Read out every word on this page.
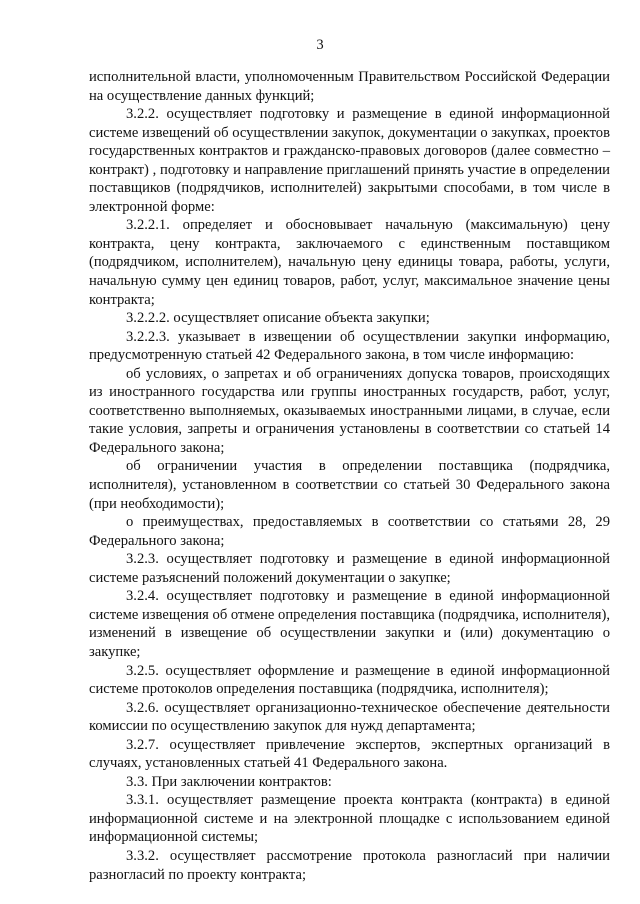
3

исполнительной власти, уполномоченным Правительством Российской Федерации на осуществление данных функций;

3.2.2. осуществляет подготовку и размещение в единой информационной системе извещений об осуществлении закупок, документации о закупках, проектов государственных контрактов и гражданско-правовых договоров (далее совместно – контракт) , подготовку и направление приглашений принять участие в определении поставщиков (подрядчиков, исполнителей) закрытыми способами, в том числе в электронной форме:

3.2.2.1. определяет и обосновывает начальную (максимальную) цену контракта, цену контракта, заключаемого с единственным поставщиком (подрядчиком, исполнителем), начальную цену единицы товара, работы, услуги, начальную сумму цен единиц товаров, работ, услуг, максимальное значение цены контракта;

3.2.2.2. осуществляет описание объекта закупки;

3.2.2.3. указывает в извещении об осуществлении закупки информацию, предусмотренную статьей 42 Федерального закона, в том числе информацию:

об условиях, о запретах и об ограничениях допуска товаров, происходящих из иностранного государства или группы иностранных государств, работ, услуг, соответственно выполняемых, оказываемых иностранными лицами, в случае, если такие условия, запреты и ограничения установлены в соответствии со статьей 14 Федерального закона;

об ограничении участия в определении поставщика (подрядчика, исполнителя), установленном в соответствии со статьей 30 Федерального закона (при необходимости);

о преимуществах, предоставляемых в соответствии со статьями 28, 29 Федерального закона;

3.2.3. осуществляет подготовку и размещение в единой информационной системе разъяснений положений документации о закупке;

3.2.4. осуществляет подготовку и размещение в единой информационной системе извещения об отмене определения поставщика (подрядчика, исполнителя), изменений в извещение об осуществлении закупки и (или) документацию о закупке;

3.2.5. осуществляет оформление и размещение в единой информационной системе протоколов определения поставщика (подрядчика, исполнителя);

3.2.6. осуществляет организационно-техническое обеспечение деятельности комиссии по осуществлению закупок для нужд департамента;

3.2.7. осуществляет привлечение экспертов, экспертных организаций в случаях, установленных статьей 41 Федерального закона.

3.3. При заключении контрактов:

3.3.1. осуществляет размещение проекта контракта (контракта) в единой информационной системе и на электронной площадке с использованием единой информационной системы;

3.3.2. осуществляет рассмотрение протокола разногласий при наличии разногласий по проекту контракта;
